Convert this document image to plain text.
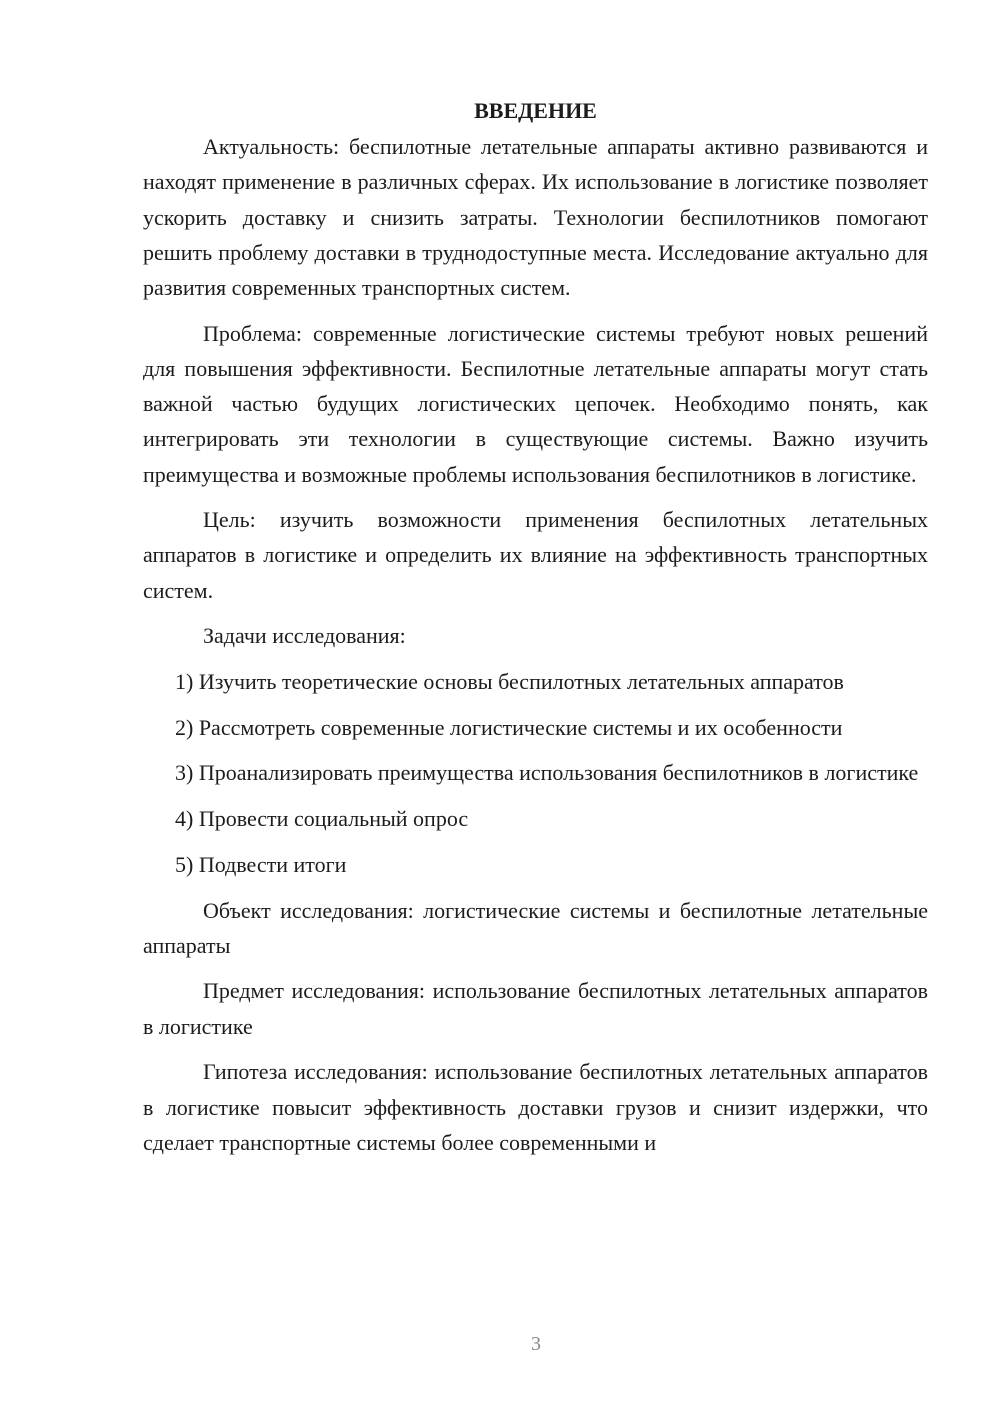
ВВЕДЕНИЕ

Актуальность: беспилотные летательные аппараты активно развиваются и находят применение в различных сферах. Их использование в логистике позволяет ускорить доставку и снизить затраты. Технологии беспилотников помогают решить проблему доставки в труднодоступные места. Исследование актуально для развития современных транспортных систем.

Проблема: современные логистические системы требуют новых решений для повышения эффективности. Беспилотные летательные аппараты могут стать важной частью будущих логистических цепочек. Необходимо понять, как интегрировать эти технологии в существующие системы. Важно изучить преимущества и возможные проблемы использования беспилотников в логистике.

Цель: изучить возможности применения беспилотных летательных аппаратов в логистике и определить их влияние на эффективность транспортных систем.

Задачи исследования:

1) Изучить теоретические основы беспилотных летательных аппаратов

2) Рассмотреть современные логистические системы и их особенности

3) Проанализировать преимущества использования беспилотников в логистике

4) Провести социальный опрос

5) Подвести итоги

Объект исследования: логистические системы и беспилотные летательные аппараты

Предмет исследования: использование беспилотных летательных аппаратов в логистике

Гипотеза исследования: использование беспилотных летательных аппаратов в логистике повысит эффективность доставки грузов и снизит издержки, что сделает транспортные системы более современными и

3
